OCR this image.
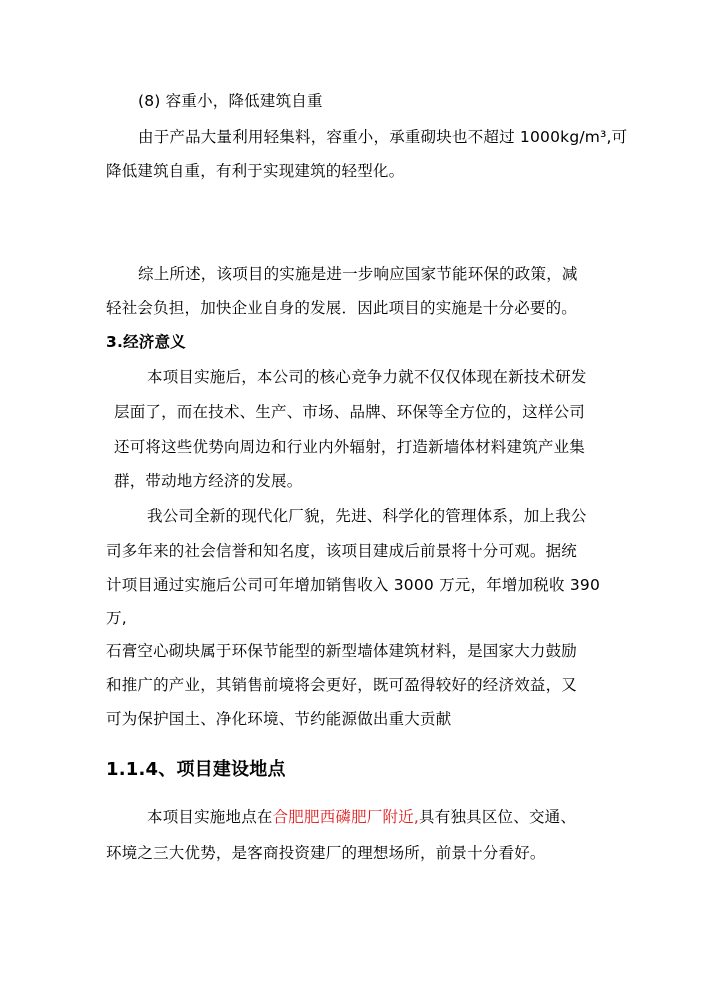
(8) 容重小，降低建筑自重
由于产品大量利用轻集料，容重小，承重砌块也不超过 1000kg/m³,可
降低建筑自重，有利于实现建筑的轻型化。
综上所述，该项目的实施是进一步响应国家节能环保的政策，减
轻社会负担，加快企业自身的发展．因此项目的实施是十分必要的。
3.经济意义
本项目实施后，本公司的核心竞争力就不仅仅体现在新技术研发
层面了，而在技术、生产、市场、品牌、环保等全方位的，这样公司
还可将这些优势向周边和行业内外辐射，打造新墙体材料建筑产业集
群，带动地方经济的发展。
我公司全新的现代化厂貌，先进、科学化的管理体系，加上我公
司多年来的社会信誉和知名度，该项目建成后前景将十分可观。据统
计项目通过实施后公司可年增加销售收入 3000 万元，年增加税收 390
万,
石膏空心砌块属于环保节能型的新型墙体建筑材料，是国家大力鼓励
和推广的产业，其销售前境将会更好，既可盈得较好的经济效益，又
可为保护国土、净化环境、节约能源做出重大贡献
1.1.4、项目建设地点
本项目实施地点在合肥肥西磷肥厂附近,具有独具区位、交通、
环境之三大优势，是客商投资建厂的理想场所，前景十分看好。
